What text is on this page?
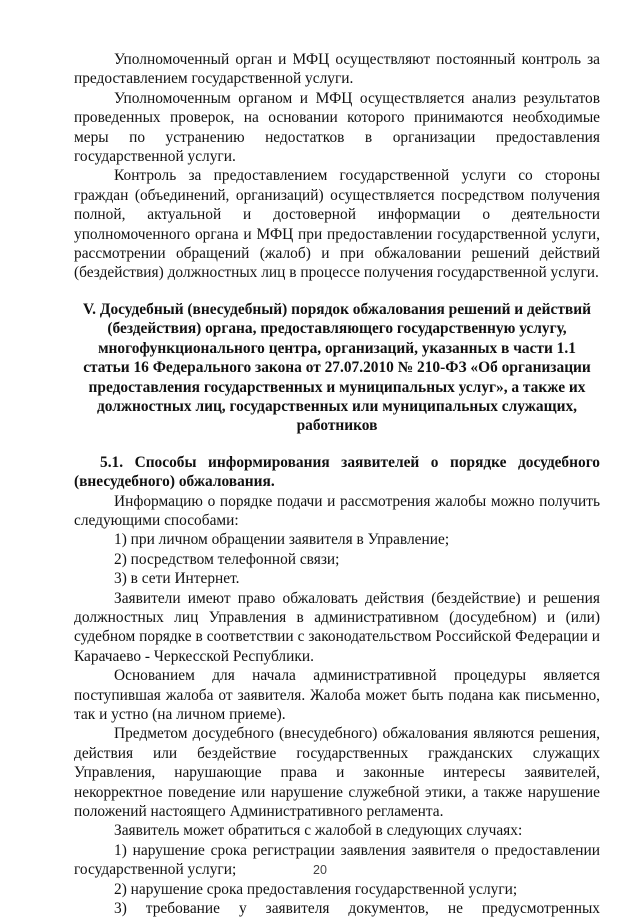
Уполномоченный орган и МФЦ осуществляют постоянный контроль за предоставлением государственной услуги.

Уполномоченным органом и МФЦ осуществляется анализ результатов проведенных проверок, на основании которого принимаются необходимые меры по устранению недостатков в организации предоставления государственной услуги.

Контроль за предоставлением государственной услуги со стороны граждан (объединений, организаций) осуществляется посредством получения полной, актуальной и достоверной информации о деятельности уполномоченного органа и МФЦ при предоставлении государственной услуги, рассмотрении обращений (жалоб) и при обжаловании решений действий (бездействия) должностных лиц в процессе получения государственной услуги.

V. Досудебный (внесудебный) порядок обжалования решений и действий (бездействия) органа, предоставляющего государственную услугу, многофункционального центра, организаций, указанных в части 1.1 статьи 16 Федерального закона от 27.07.2010 № 210-ФЗ «Об организации предоставления государственных и муниципальных услуг», а также их должностных лиц, государственных или муниципальных служащих, работников
5.1. Способы информирования заявителей о порядке досудебного (внесудебного) обжалования.

Информацию о порядке подачи и рассмотрения жалобы можно получить следующими способами:

1) при личном обращении заявителя в Управление;

2) посредством телефонной связи;

3) в сети Интернет.

Заявители имеют право обжаловать действия (бездействие) и решения должностных лиц Управления в административном (досудебном) и (или) судебном порядке в соответствии с законодательством Российской Федерации и Карачаево - Черкесской Республики.

Основанием для начала административной процедуры является поступившая жалоба от заявителя. Жалоба может быть подана как письменно, так и устно (на личном приеме).

Предметом досудебного (внесудебного) обжалования являются решения, действия или бездействие государственных гражданских служащих Управления, нарушающие права и законные интересы заявителей, некорректное поведение или нарушение служебной этики, а также нарушение положений настоящего Административного регламента.

Заявитель может обратиться с жалобой в следующих случаях:

1) нарушение срока регистрации заявления заявителя о предоставлении государственной услуги;

2) нарушение срока предоставления государственной услуги;

3) требование у заявителя документов, не предусмотренных

20
